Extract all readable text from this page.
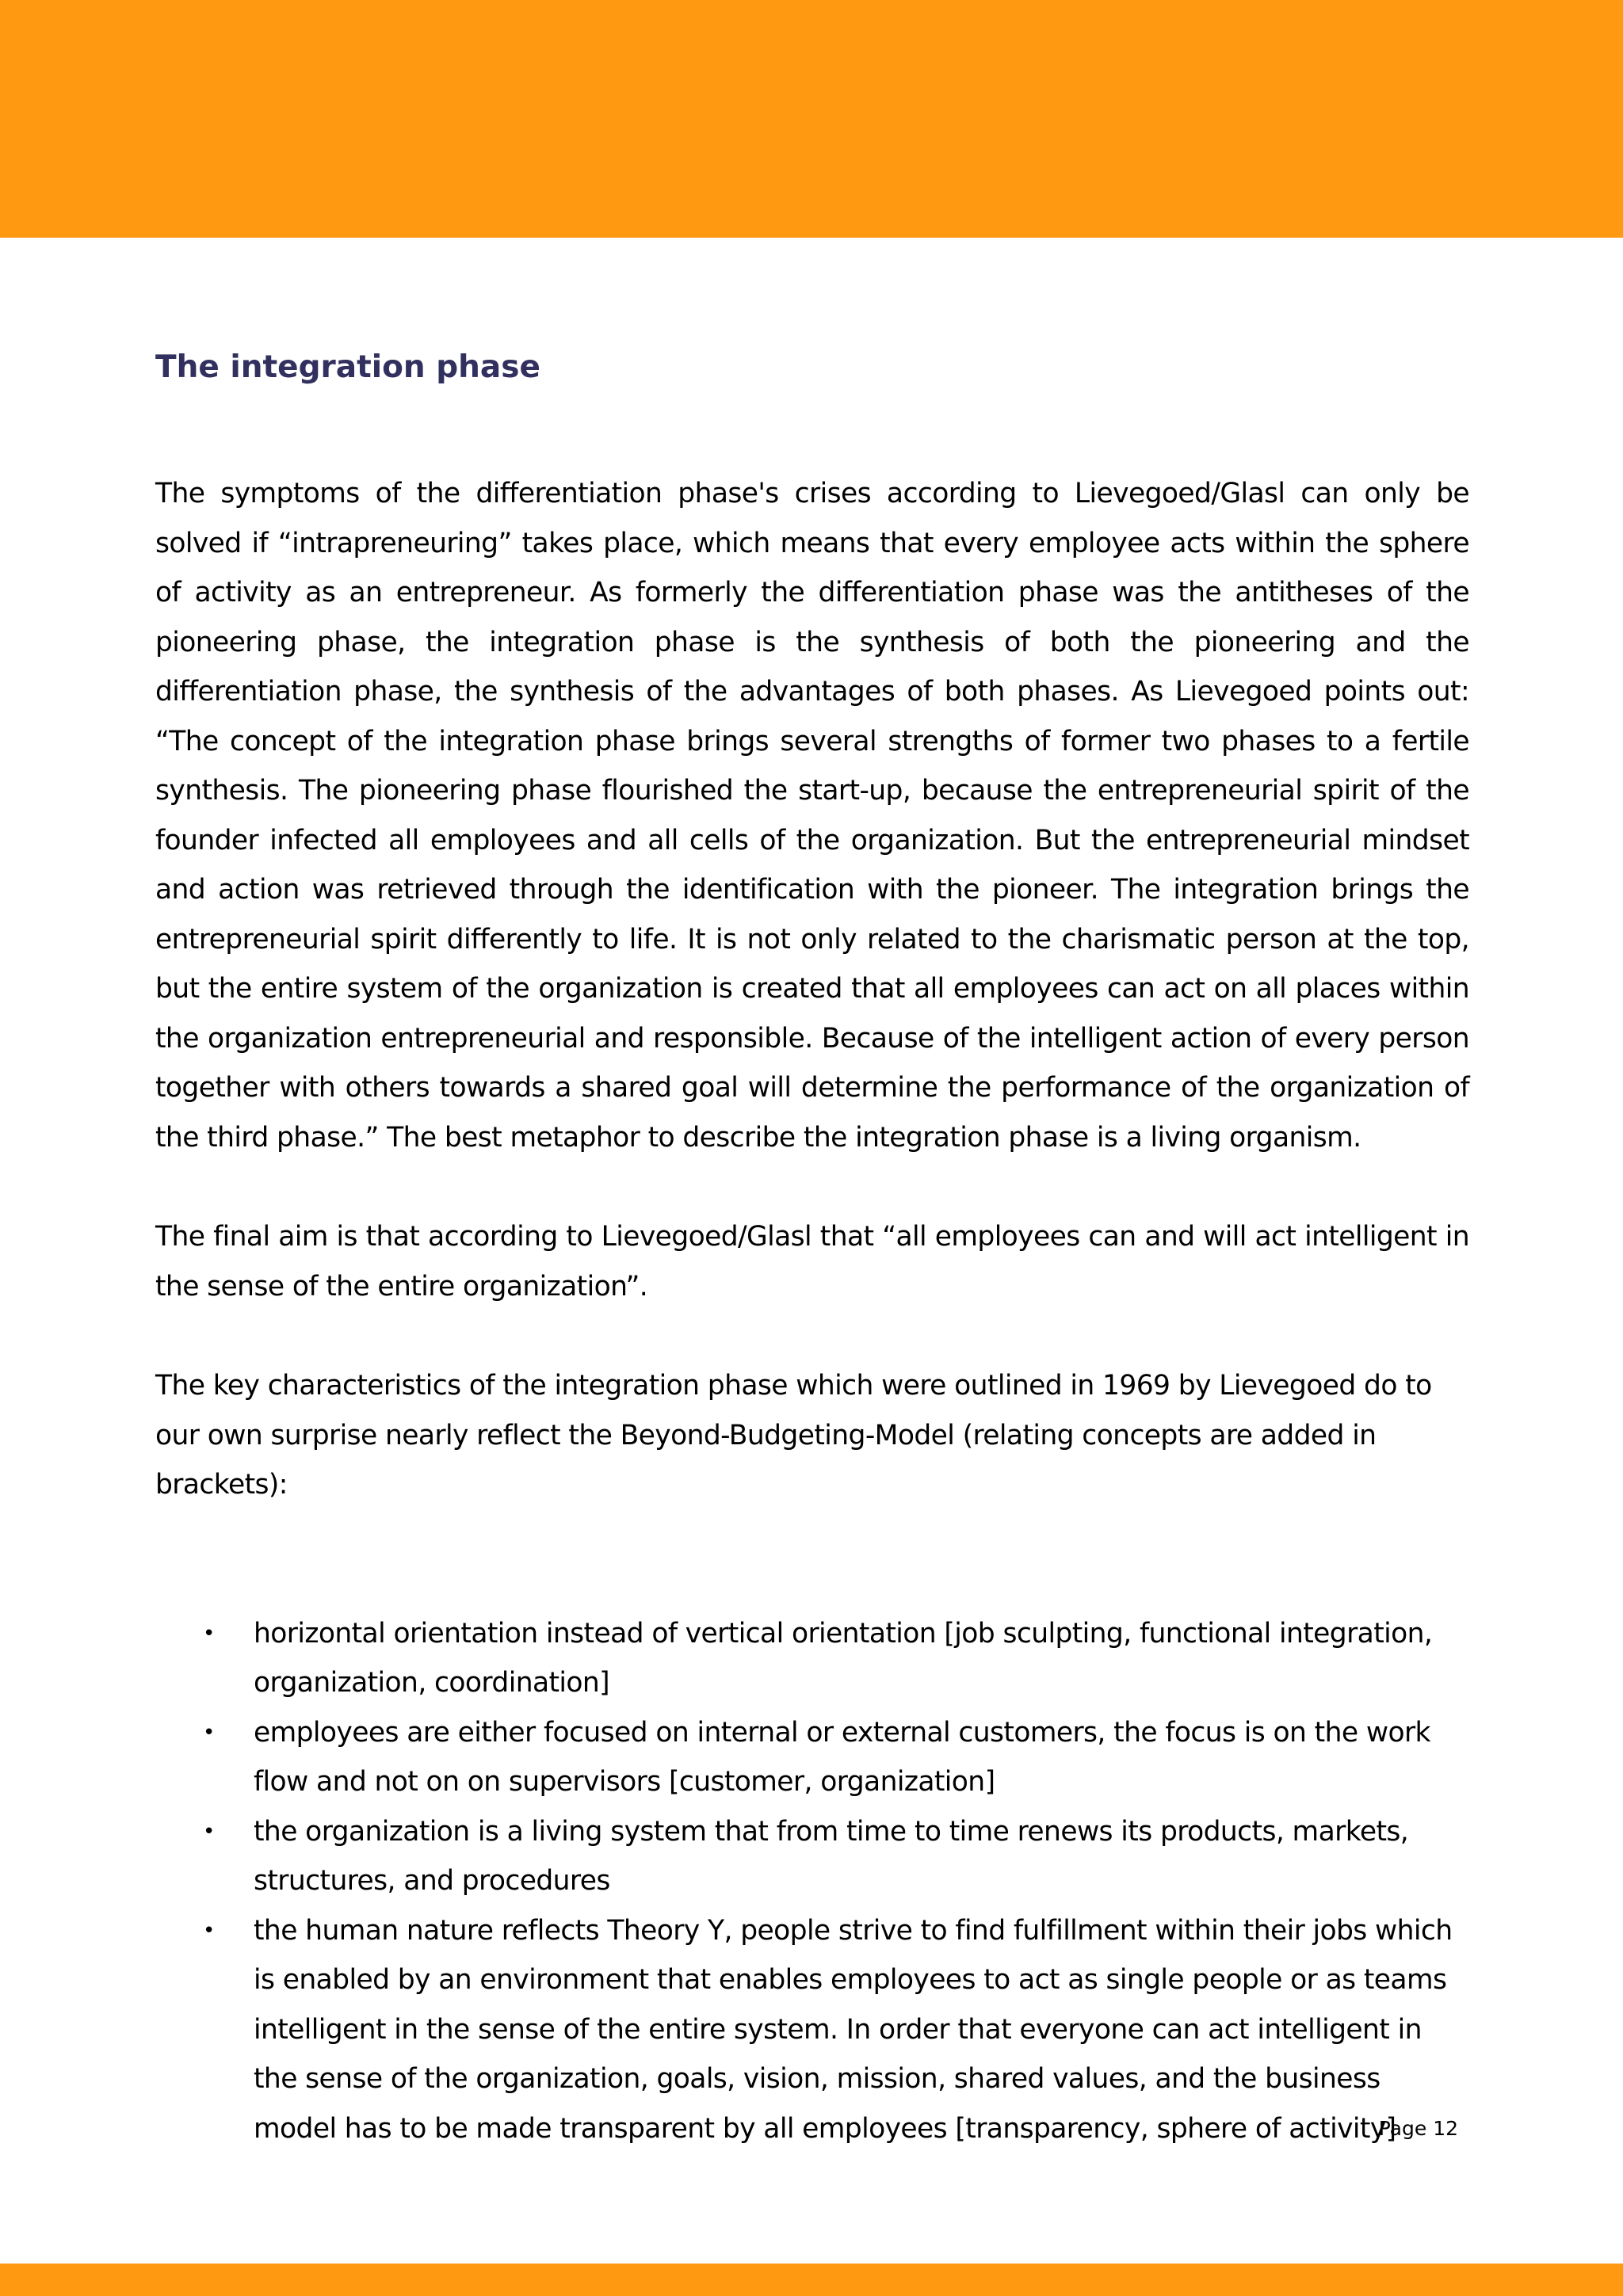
The integration phase

The symptoms of the differentiation phase's crises according to Lievegoed/Glasl can only be solved if “intrapreneuring” takes place, which means that every employee acts within the sphere of activity as an entrepreneur. As formerly the differentiation phase was the antitheses of the pioneering phase, the integration phase is the synthesis of both the pioneering and the differentiation phase, the synthesis of the advantages of both phases. As Lievegoed points out: “The concept of the integration phase brings several strengths of former two phases to a fertile synthesis. The pioneering phase flourished the start-up, because the entrepreneurial spirit of the founder infected all employees and all cells of the organization. But the entrepreneurial mindset and action was retrieved through the identification with the pioneer. The integration brings the entrepreneurial spirit differently to life. It is not only related to the charismatic person at the top, but the entire system of the organization is created that all employees can act on all places within the organization entrepreneurial and responsible. Because of the intelligent action of every person together with others towards a shared goal will determine the performance of the organization of the third phase.” The best metaphor to describe the integration phase is a living organism.

The final aim is that according to Lievegoed/Glasl that “all employees can and will act intelligent in the sense of the entire organization”.

The key characteristics of the integration phase which were outlined in 1969 by Lievegoed do to our own surprise nearly reflect the Beyond-Budgeting-Model (relating concepts are added in brackets):

• horizontal orientation instead of vertical orientation [job sculpting, functional integration, organization, coordination]
• employees are either focused on internal or external customers, the focus is on the work flow and not on on supervisors [customer, organization]
• the organization is a living system that from time to time renews its products, markets, structures, and procedures
• the human nature reflects Theory Y, people strive to find fulfillment within their jobs which is enabled by an environment that enables employees to act as single people or as teams intelligent in the sense of the entire system. In order that everyone can act intelligent in the sense of the organization, goals, vision, mission, shared values, and the business model has to be made transparent by all employees [transparency, sphere of activity]
Page 12
